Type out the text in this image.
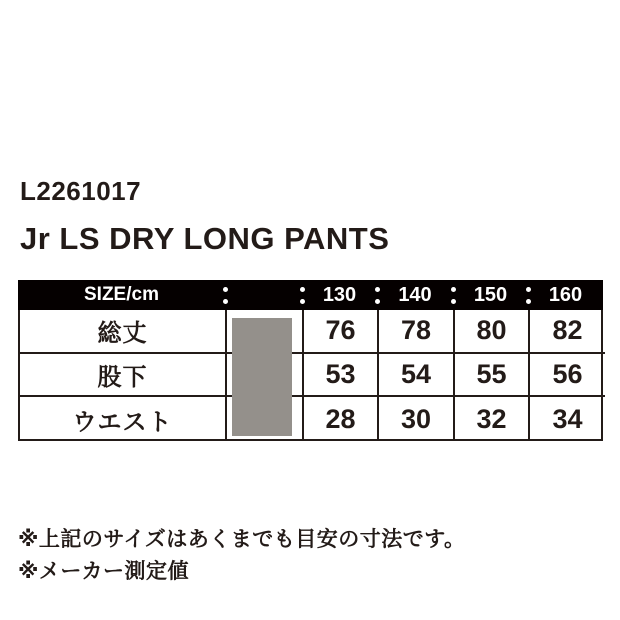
L2261017
Jr LS DRY LONG PANTS
SIZE/cm	130	140	150	160
総丈	76	78	80	82
股下	53	54	55	56
ウエスト	28	30	32	34
※上記のサイズはあくまでも目安の寸法です。
※メーカー測定値
